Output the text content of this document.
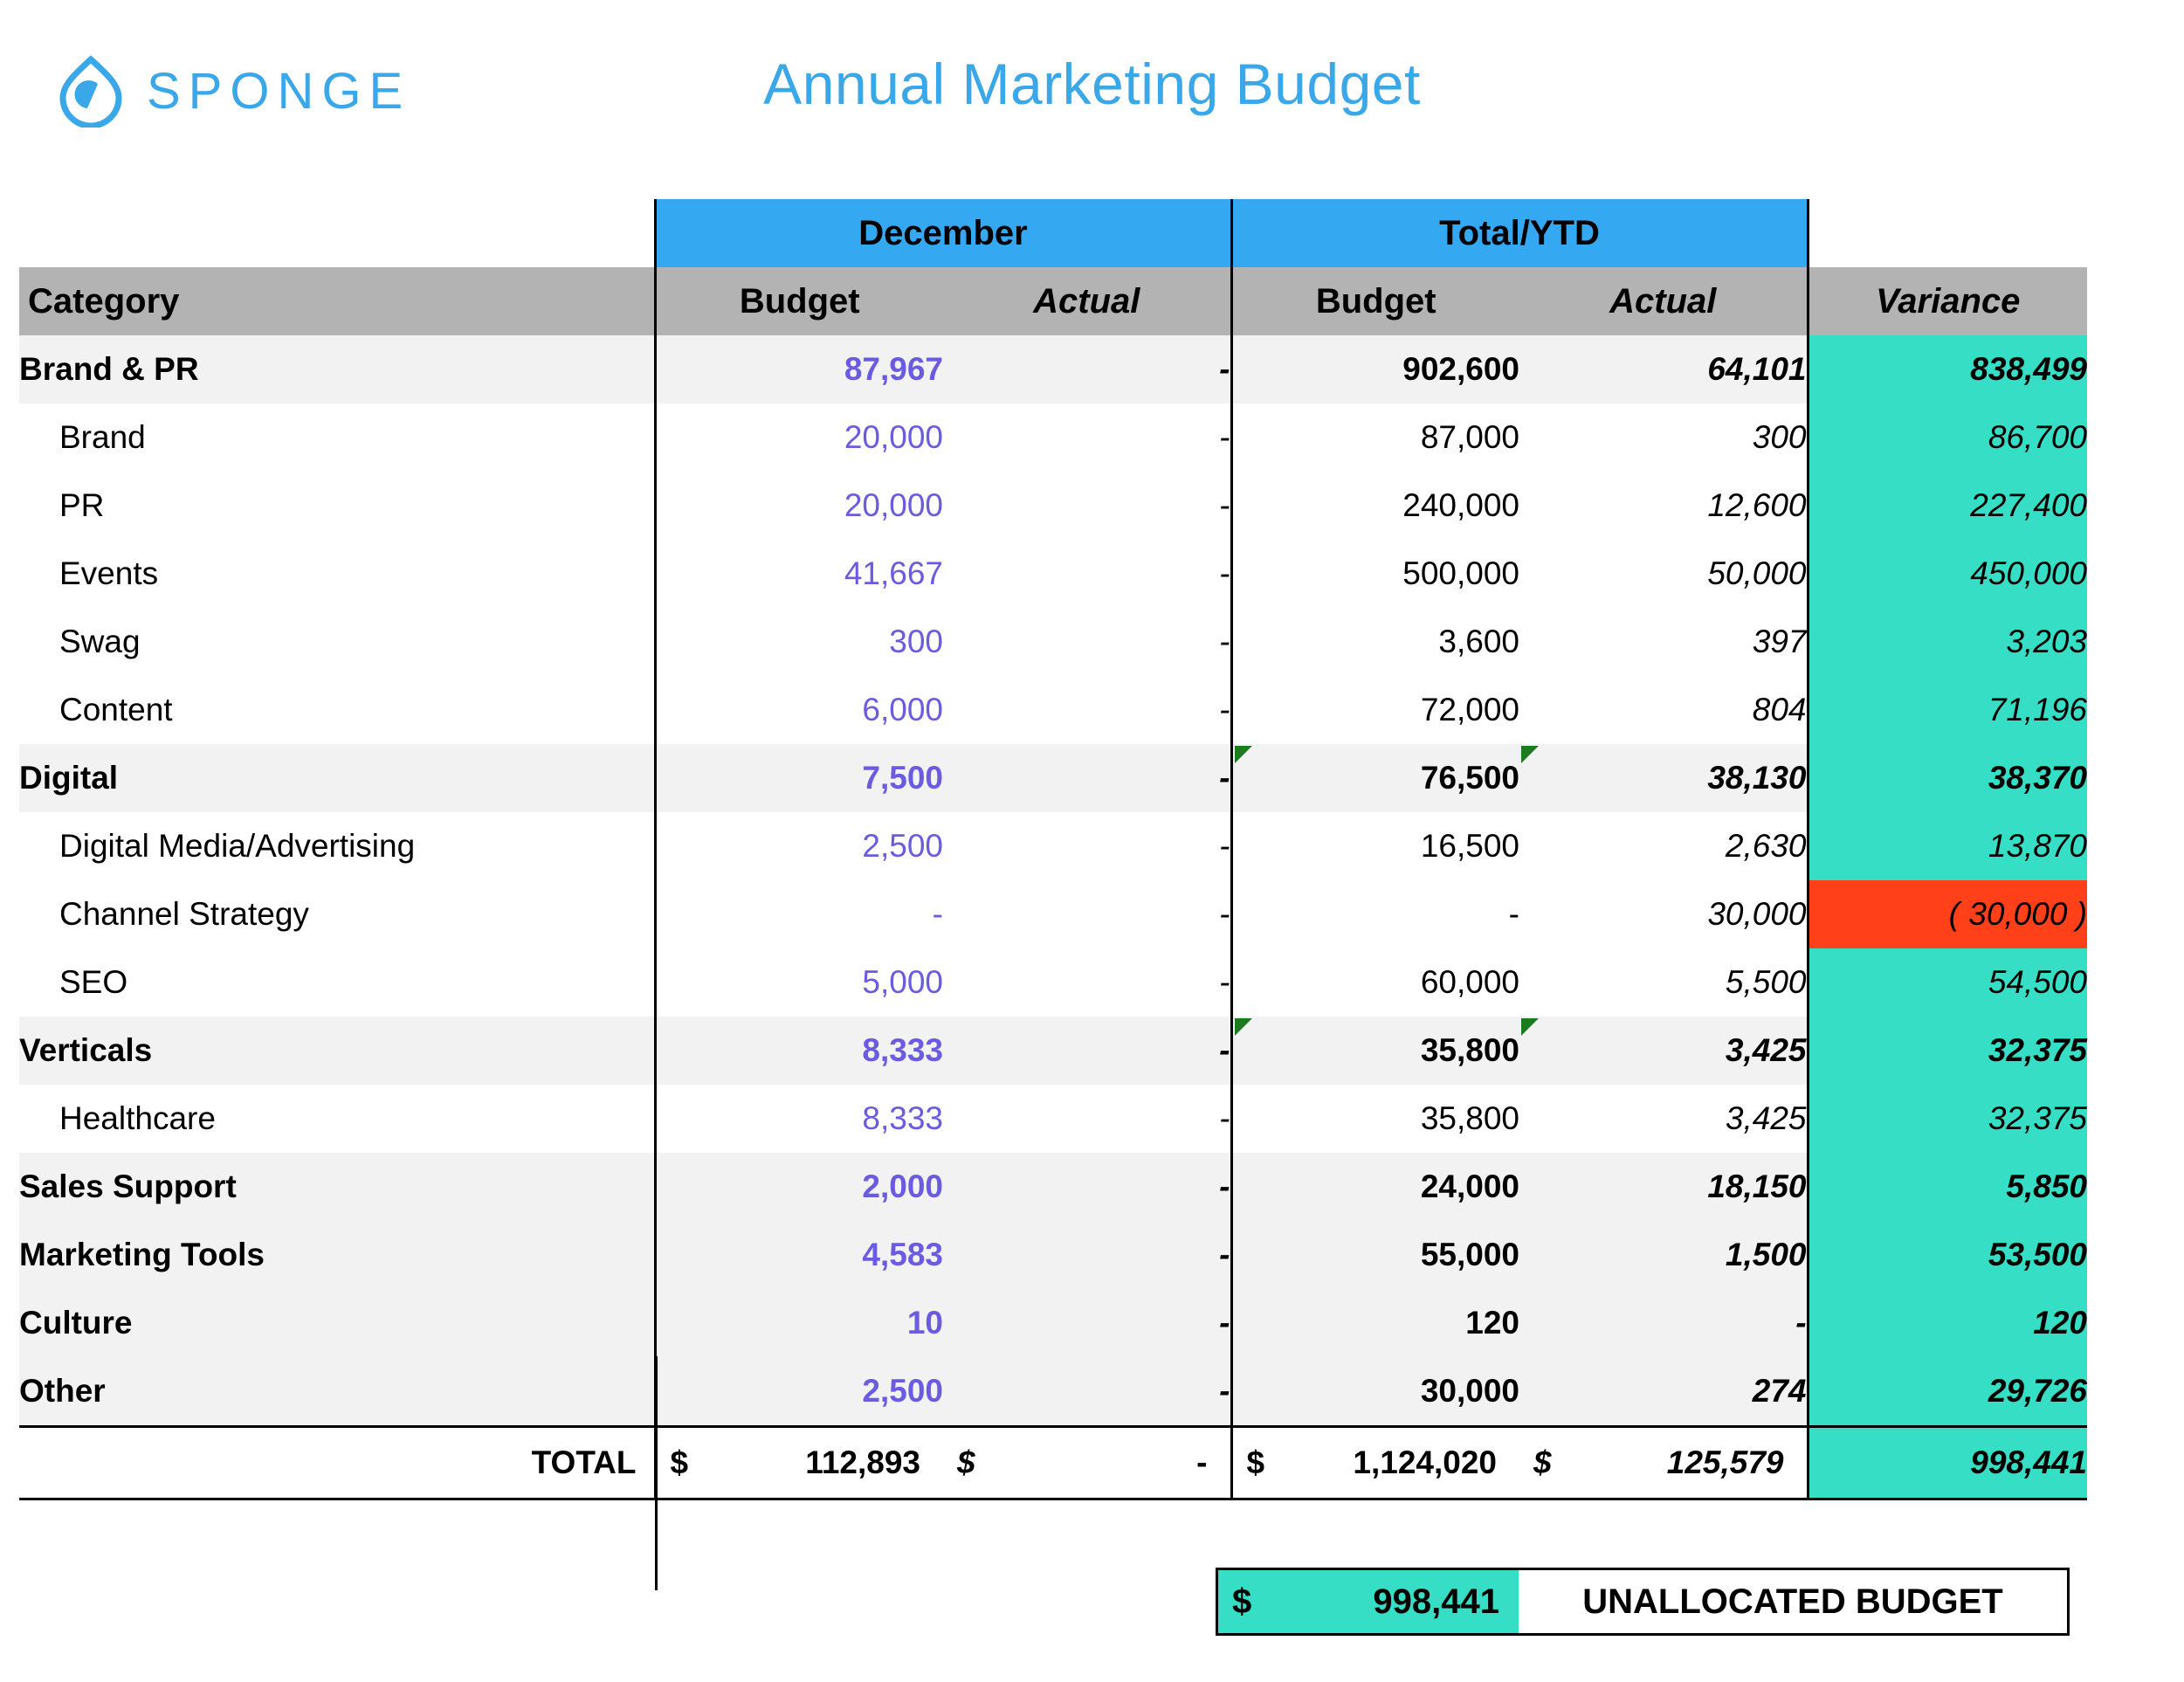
SPONGE	Annual Marketing Budget
	December		Total/YTD		
Category	Budget	Actual	Budget	Actual	Variance
Brand & PR	87,967	-	902,600	64,101	838,499
Brand	20,000	-	87,000	300	86,700
PR	20,000	-	240,000	12,600	227,400
Events	41,667	-	500,000	50,000	450,000
Swag	300	-	3,600	397	3,203
Content	6,000	-	72,000	804	71,196
Digital	7,500	-	76,500	38,130	38,370
Digital Media/Advertising	2,500	-	16,500	2,630	13,870
Channel Strategy	-	-	-	30,000	( 30,000 )
SEO	5,000	-	60,000	5,500	54,500
Verticals	8,333	-	35,800	3,425	32,375
Healthcare	8,333	-	35,800	3,425	32,375
Sales Support	2,000	-	24,000	18,150	5,850
Marketing Tools	4,583	-	55,000	1,500	53,500
Culture	10	-	120	-	120
Other	2,500	-	30,000	274	29,726
TOTAL	$ 112,893	$ -	$ 1,124,020	$ 125,579	998,441
$	998,441	UNALLOCATED BUDGET
